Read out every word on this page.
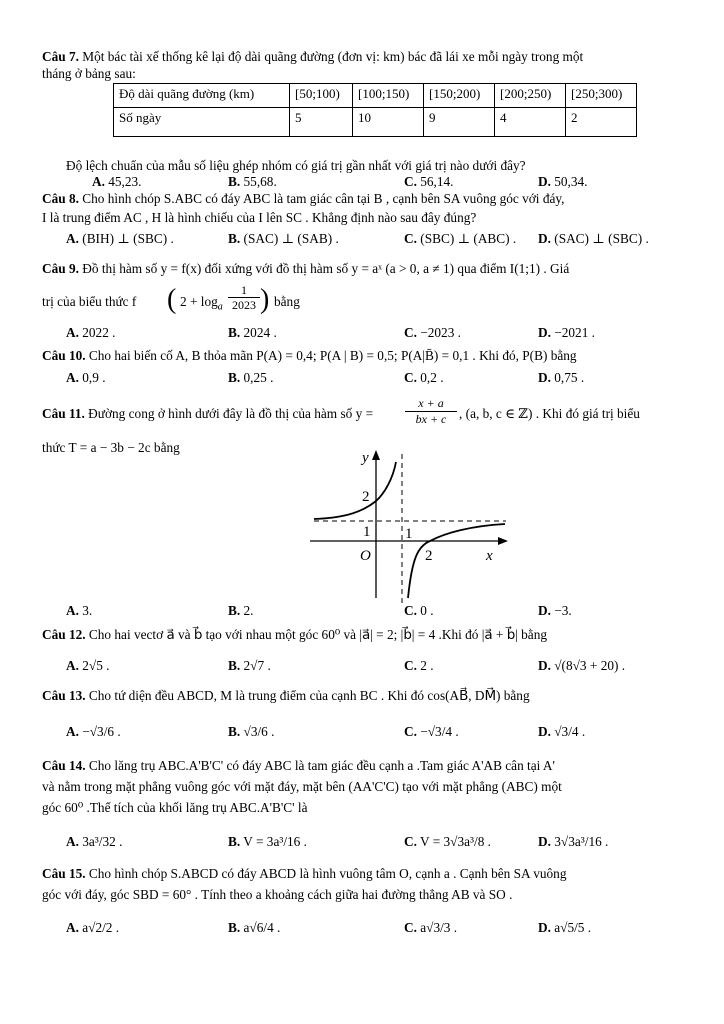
Câu 7. Một bác tài xế thống kê lại độ dài quãng đường (đơn vị: km) bác đã lái xe mỗi ngày trong một
tháng ở bảng sau:
Độ dài quãng đường (km)	[50;100)	[100;150)	[150;200)	[200;250)	[250;300)
Số ngày	5	10	9	4	2
Độ lệch chuẩn của mẫu số liệu ghép nhóm có giá trị gần nhất với giá trị nào dưới đây?
A. 45,23.	B. 55,68.	C. 56,14.	D. 50,34.
Câu 8. Cho hình chóp S.ABC có đáy ABC là tam giác cân tại B , cạnh bên SA vuông góc với đáy,
I là trung điểm AC , H là hình chiếu của I lên SC . Khẳng định nào sau đây đúng?
A. (BIH) ⊥ (SBC) .	B. (SAC) ⊥ (SAB) .	C. (SBC) ⊥ (ABC) . D. (SAC) ⊥ (SBC) .
Câu 9. Đồ thị hàm số y = f(x) đối xứng với đồ thị hàm số y = aˣ (a > 0, a ≠ 1) qua điểm I(1;1) . Giá
trị của biểu thức f ( $2 + \log_a \frac{1}{2023}$ ) bằng
A. 2022 .	B. 2024 .	C. −2023 .	D. −2021 .
Câu 10. Cho hai biến cố A, B thỏa mãn P(A) = 0,4; P(A | B) = 0,5; P(A|B̄) = 0,1 . Khi đó, P(B) bằng
A. 0,9 .	B. 0,25 .	C. 0,2 .	D. 0,75 .
Câu 11. Đường cong ở hình dưới đây là đồ thị của hàm số y =	$\frac{x + a}{bx + c}$ , (a, b, c ∈ ℤ) . Khi đó giá trị biểu
thức T = a − 3b − 2c bằng
y
x
O
2
1 1
2
A. 3.	B. 2.	C. 0 .	D. −3.
Câu 12. Cho hai vectơ a⃗ và b⃗ tạo với nhau một góc 60⁰ và |a⃗| = 2; |b⃗| = 4 .Khi đó |a⃗ + b⃗| bằng
A. 2√5 .	B. 2√7 .	C. 2 .	D. √(8√3 + 20) .
Câu 13. Cho tứ diện đều ABCD, M là trung điểm của cạnh BC . Khi đó cos(AB⃗, DM⃗) bằng
A. −√3/6 .	B. √3/6 .	C. −√3/4 .	D. √3/4 .
Câu 14. Cho lăng trụ ABC.A'B'C' có đáy ABC là tam giác đều cạnh a .Tam giác A'AB cân tại A'
và nằm trong mặt phẳng vuông góc với mặt đáy, mặt bên (AA'C'C) tạo với mặt phẳng (ABC) một
góc 60⁰ .Thể tích của khối lăng trụ ABC.A'B'C' là
A. 3a³/32 .	B. V = 3a³/16 .	C. V = 3√3a³/8 .	D. 3√3a³/16 .
Câu 15. Cho hình chóp S.ABCD có đáy ABCD là hình vuông tâm O, cạnh a . Cạnh bên SA vuông
góc với đáy, góc SBD = 60° . Tính theo a khoảng cách giữa hai đường thẳng AB và SO .
A. a√2/2 .	B. a√6/4 .	C. a√3/3 .	D. a√5/5 .
